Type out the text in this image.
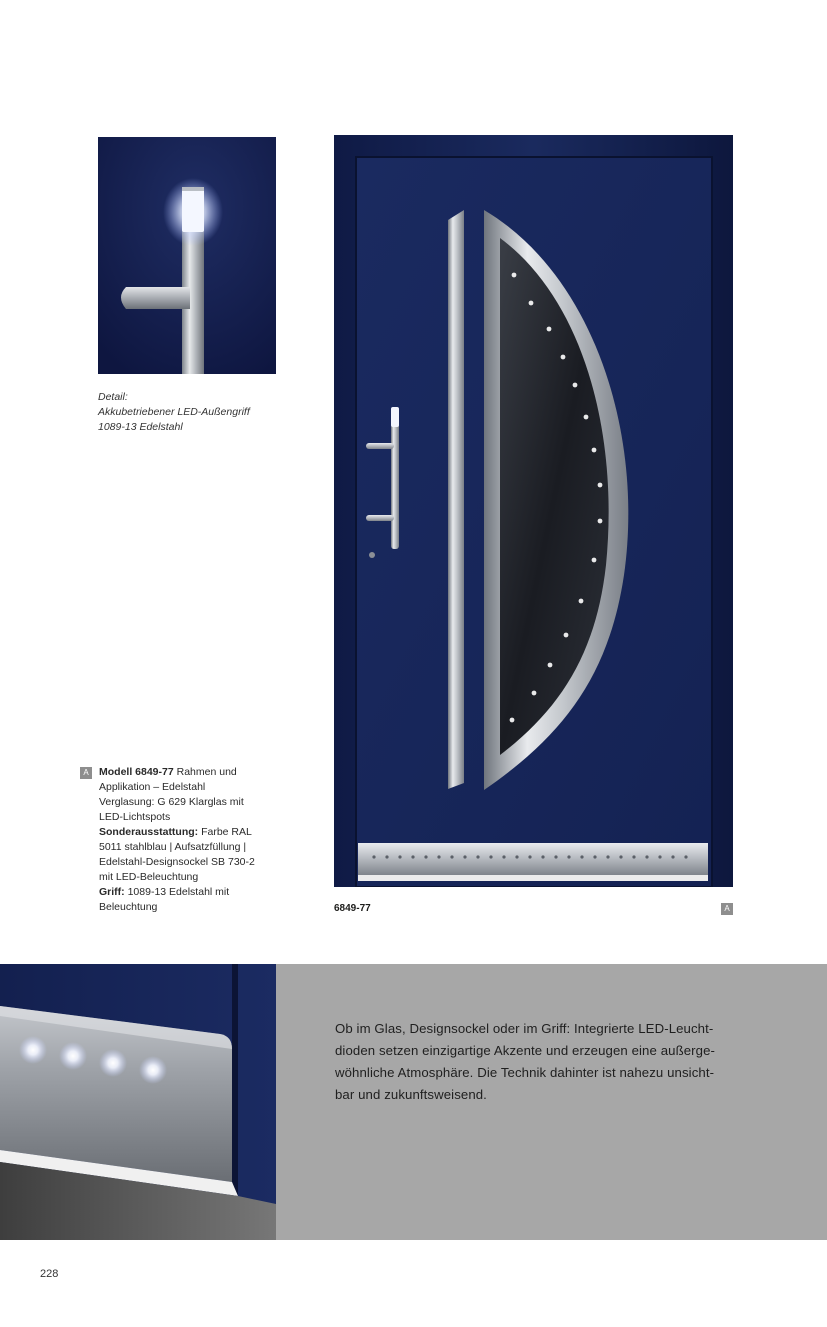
Detail:
Akkubetriebener LED-Außengriff
1089-13 Edelstahl
A Modell 6849-77 Rahmen und
Applikation – Edelstahl
Verglasung: G 629 Klarglas mit
LED-Lichtspots
Sonderausstattung: Farbe RAL
5011 stahlblau | Aufsatzfüllung |
Edelstahl-Designsockel SB 730-2
mit LED-Beleuchtung
Griff: 1089-13 Edelstahl mit
Beleuchtung	6849-77	A
Ob im Glas, Designsockel oder im Griff: Integrierte LED-Leucht-
dioden setzen einzigartige Akzente und erzeugen eine außerge-
wöhnliche Atmosphäre. Die Technik dahinter ist nahezu unsicht-
bar und zukunftsweisend.
228
